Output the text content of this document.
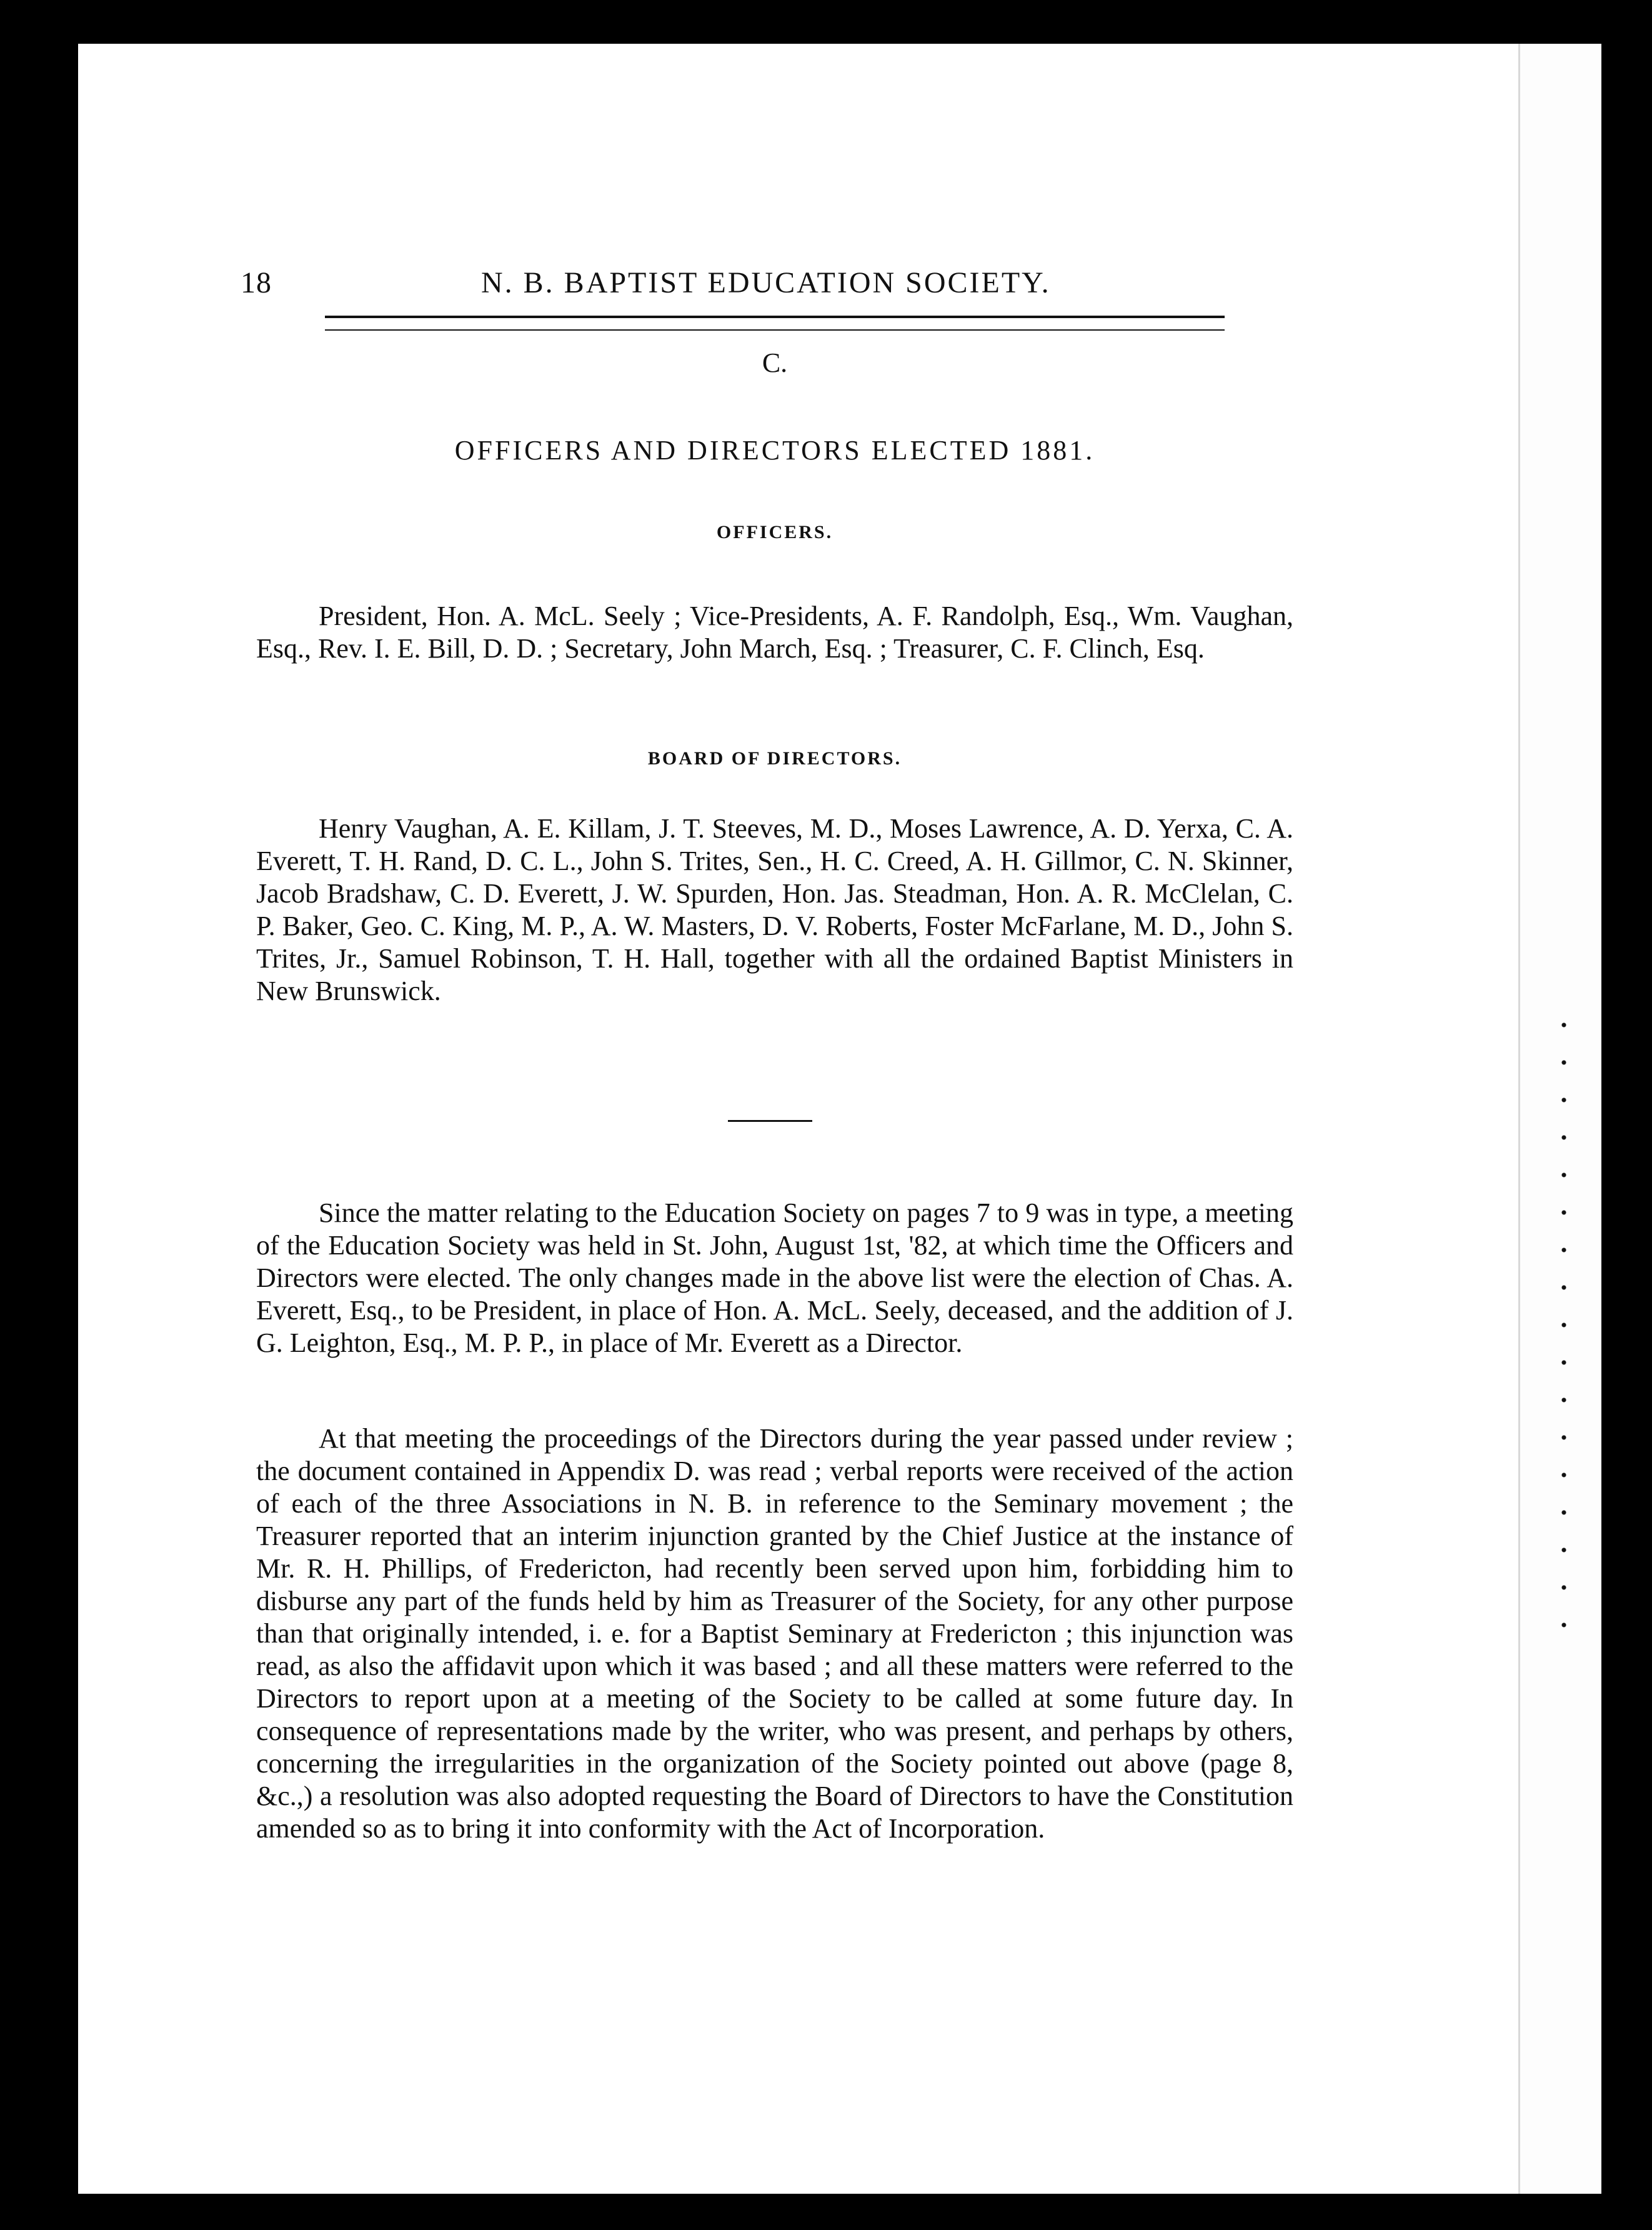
18	N. B. BAPTIST EDUCATION SOCIETY.
C.
OFFICERS AND DIRECTORS ELECTED 1881.
OFFICERS.

President, Hon. A. McL. Seely ; Vice-Presidents, A. F. Randolph, Esq., Wm. Vaughan, Esq., Rev. I. E. Bill, D. D. ; Secretary, John March, Esq. ; Treasurer, C. F. Clinch, Esq.

BOARD OF DIRECTORS.

Henry Vaughan, A. E. Killam, J. T. Steeves, M. D., Moses Lawrence, A. D. Yerxa, C. A. Everett, T. H. Rand, D. C. L., John S. Trites, Sen., H. C. Creed, A. H. Gillmor, C. N. Skinner, Jacob Bradshaw, C. D. Everett, J. W. Spurden, Hon. Jas. Steadman, Hon. A. R. McClelan, C. P. Baker, Geo. C. King, M. P., A. W. Masters, D. V. Roberts, Foster McFarlane, M. D., John S. Trites, Jr., Samuel Robinson, T. H. Hall, together with all the ordained Baptist Ministers in New Brunswick.

Since the matter relating to the Education Society on pages 7 to 9 was in type, a meeting of the Education Society was held in St. John, August 1st, '82, at which time the Officers and Directors were elected. The only changes made in the above list were the election of Chas. A. Everett, Esq., to be President, in place of Hon. A. McL. Seely, deceased, and the addition of J. G. Leighton, Esq., M. P. P., in place of Mr. Everett as a Director.

At that meeting the proceedings of the Directors during the year passed under review ; the document contained in Appendix D. was read ; verbal reports were received of the action of each of the three Associations in N. B. in reference to the Seminary movement ; the Treasurer reported that an interim injunction granted by the Chief Justice at the instance of Mr. R. H. Phillips, of Fredericton, had recently been served upon him, forbidding him to disburse any part of the funds held by him as Treasurer of the Society, for any other purpose than that originally intended, i. e. for a Baptist Seminary at Fredericton ; this injunction was read, as also the affidavit upon which it was based ; and all these matters were referred to the Directors to report upon at a meeting of the Society to be called at some future day. In consequence of representations made by the writer, who was present, and perhaps by others, concerning the irregularities in the organization of the Society pointed out above (page 8, &c.,) a resolution was also adopted requesting the Board of Directors to have the Constitution amended so as to bring it into conformity with the Act of Incorporation.
